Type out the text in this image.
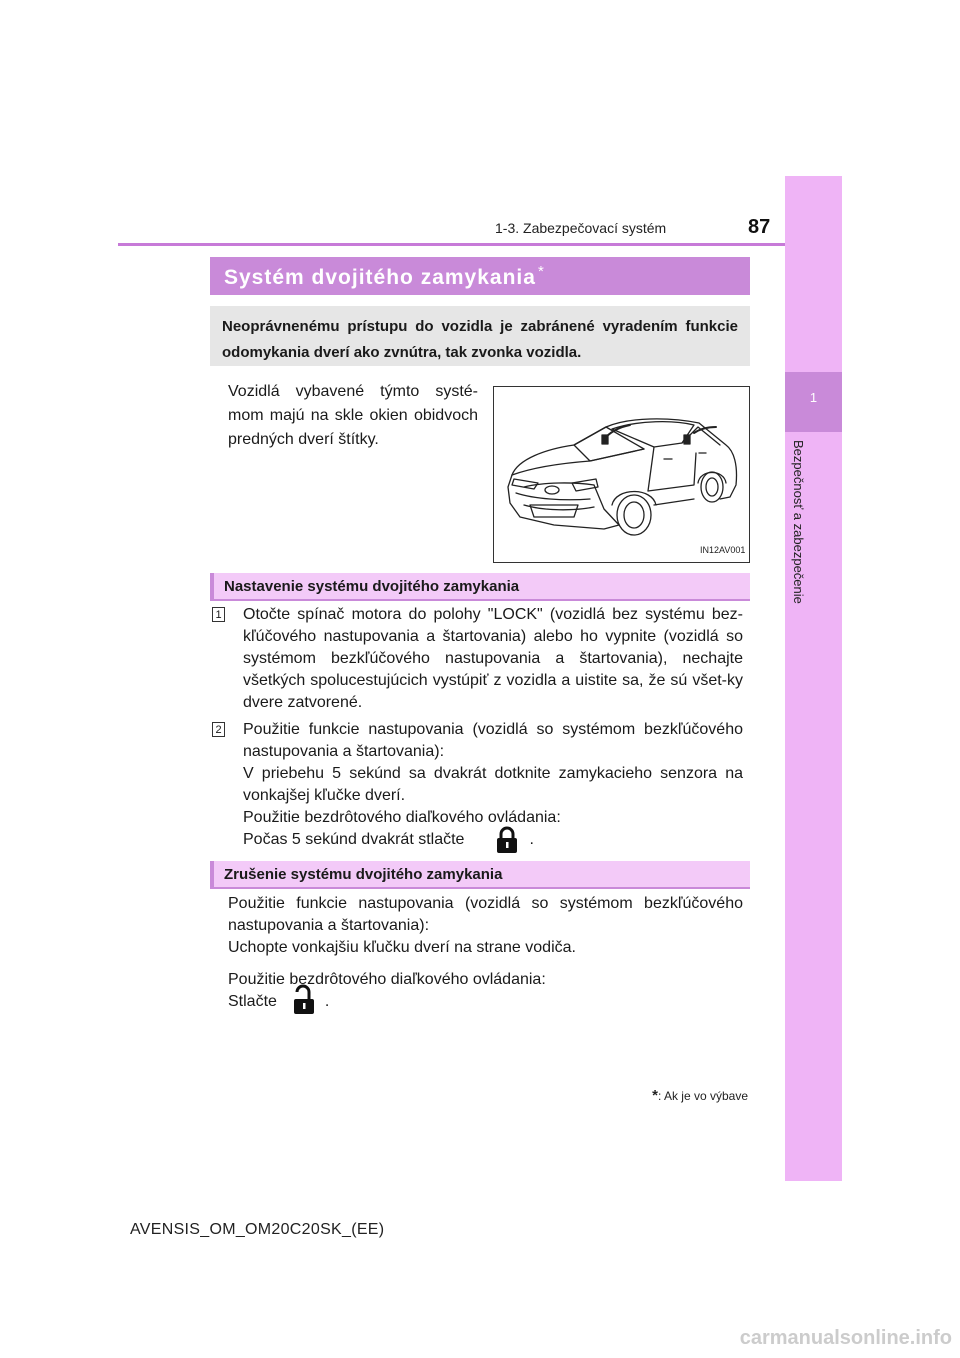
1-3. Zabezpečovací systém	87
1
Bezpečnosť a zabezpečenie
Systém dvojitého zamykania *
Neoprávnenému prístupu do vozidla je zabránené vyradením funkcie odomykania dverí ako zvnútra, tak zvonka vozidla.
Vozidlá vybavené týmto systé-mom majú na skle okien obidvoch predných dverí štítky.
IN12AV001
Nastavenie systému dvojitého zamykania
1 Otočte spínač motora do polohy "LOCK" (vozidlá bez systému bez-kľúčového nastupovania a štartovania) alebo ho vypnite (vozidlá so systémom bezkľúčového nastupovania a štartovania), nechajte všetkých spolucestujúcich vystúpiť z vozidla a uistite sa, že sú všet-ky dvere zatvorené.
2 Použitie funkcie nastupovania (vozidlá so systémom bezkľúčového nastupovania a štartovania):
V priebehu 5 sekúnd sa dvakrát dotknite zamykacieho senzora na vonkajšej kľučke dverí.
Použitie bezdrôtového diaľkového ovládania:
Počas 5 sekúnd dvakrát stlačte	.
Zrušenie systému dvojitého zamykania
Použitie funkcie nastupovania (vozidlá so systémom bezkľúčového nastupovania a štartovania):
Uchopte vonkajšiu kľučku dverí na strane vodiča.
Použitie bezdrôtového diaľkového ovládania:
Stlačte	.
*: Ak je vo výbave
AVENSIS_OM_OM20C20SK_(EE)
carmanualsonline.info
